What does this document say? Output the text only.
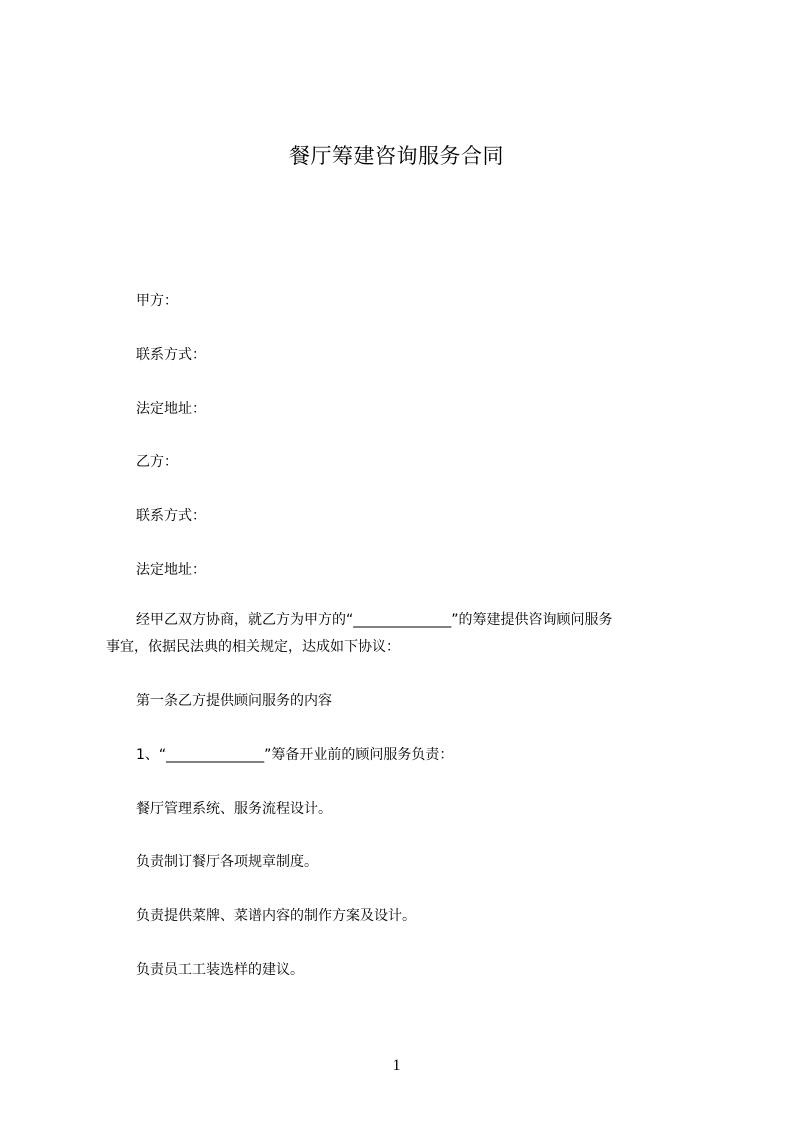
餐厅筹建咨询服务合同
甲方：
联系方式：
法定地址：
乙方：
联系方式：
法定地址：
经甲乙双方协商，就乙方为甲方的“______________”的筹建提供咨询顾问服务
事宜，依据民法典的相关规定，达成如下协议：
第一条乙方提供顾问服务的内容
1、“______________”筹备开业前的顾问服务负责：
餐厅管理系统、服务流程设计。
负责制订餐厅各项规章制度。
负责提供菜牌、菜谱内容的制作方案及设计。
负责员工工装选样的建议。
1
